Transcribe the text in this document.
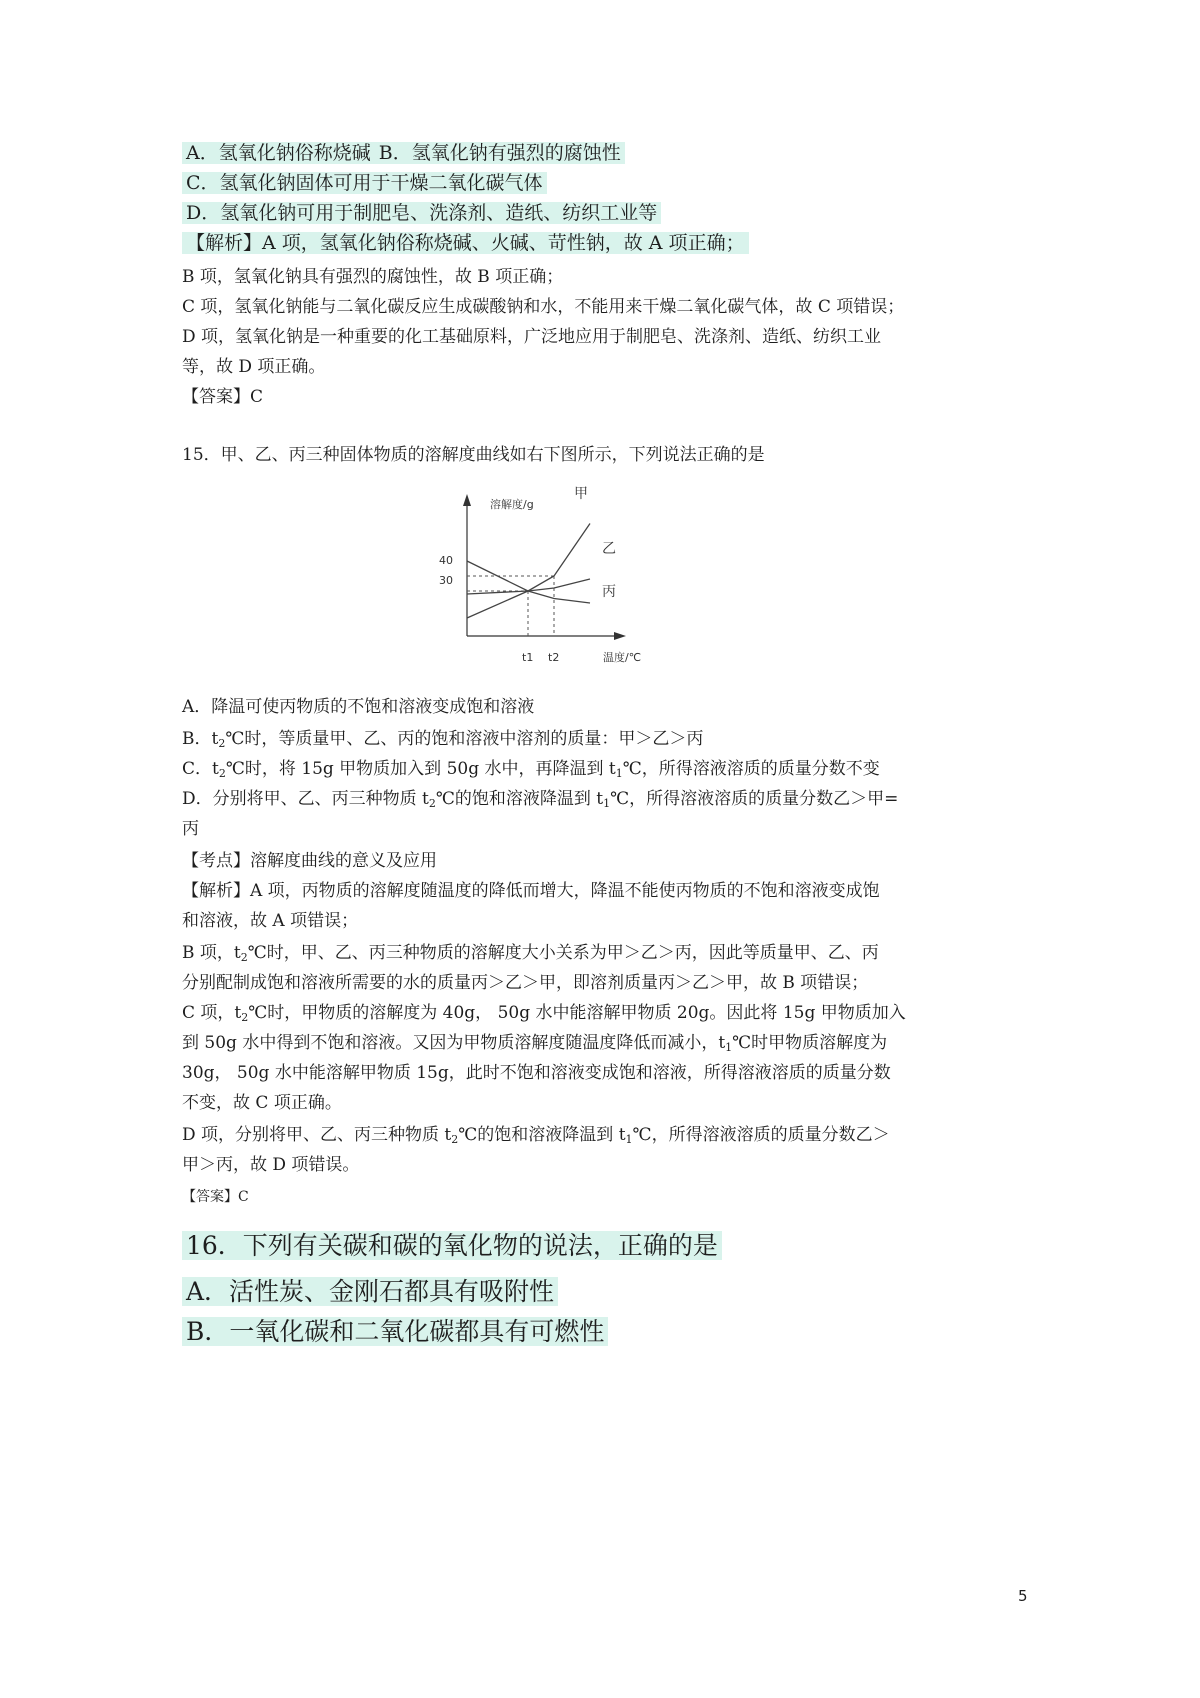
A．氢氧化钠俗称烧碱 B．氢氧化钠有强烈的腐蚀性
C．氢氧化钠固体可用于干燥二氧化碳气体
D．氢氧化钠可用于制肥皂、洗涤剂、造纸、纺织工业等
【解析】A 项，氢氧化钠俗称烧碱、火碱、苛性钠，故 A 项正确；
B 项，氢氧化钠具有强烈的腐蚀性，故 B 项正确；
C 项，氢氧化钠能与二氧化碳反应生成碳酸钠和水，不能用来干燥二氧化碳气体，故 C 项错误；
D 项，氢氧化钠是一种重要的化工基础原料，广泛地应用于制肥皂、洗涤剂、造纸、纺织工业
等，故 D 项正确。
【答案】C
15．甲、乙、丙三种固体物质的溶解度曲线如右下图所示，下列说法正确的是
溶解度/g
温度/℃
40
30
t1 t2
甲
乙
丙
A．降温可使丙物质的不饱和溶液变成饱和溶液
B．$t_2℃$时，等质量甲、乙、丙的饱和溶液中溶剂的质量：甲＞乙＞丙
C．$t_2℃$时，将 15g 甲物质加入到 50g 水中，再降温到 $t_1℃$，所得溶液溶质的质量分数不变
D．分别将甲、乙、丙三种物质 $t_2℃$的饱和溶液降温到 $t_1℃$，所得溶液溶质的质量分数乙＞甲=
丙
【考点】溶解度曲线的意义及应用
【解析】A 项，丙物质的溶解度随温度的降低而增大，降温不能使丙物质的不饱和溶液变成饱
和溶液，故 A 项错误；
B 项，$t_2℃$时，甲、乙、丙三种物质的溶解度大小关系为甲＞乙＞丙，因此等质量甲、乙、丙
分别配制成饱和溶液所需要的水的质量丙＞乙＞甲，即溶剂质量丙＞乙＞甲，故 B 项错误；
C 项，$t_2℃$时，甲物质的溶解度为 40g， 50g 水中能溶解甲物质 20g。因此将 15g 甲物质加入
到 50g 水中得到不饱和溶液。又因为甲物质溶解度随温度降低而减小，$t_1℃$时甲物质溶解度为
30g， 50g 水中能溶解甲物质 15g，此时不饱和溶液变成饱和溶液，所得溶液溶质的质量分数
不变，故 C 项正确。
D 项，分别将甲、乙、丙三种物质 $t_2℃$的饱和溶液降温到 $t_1℃$，所得溶液溶质的质量分数乙＞
甲＞丙，故 D 项错误。
【答案】C
16．下列有关碳和碳的氧化物的说法，正确的是
A．活性炭、金刚石都具有吸附性
B．一氧化碳和二氧化碳都具有可燃性
5
